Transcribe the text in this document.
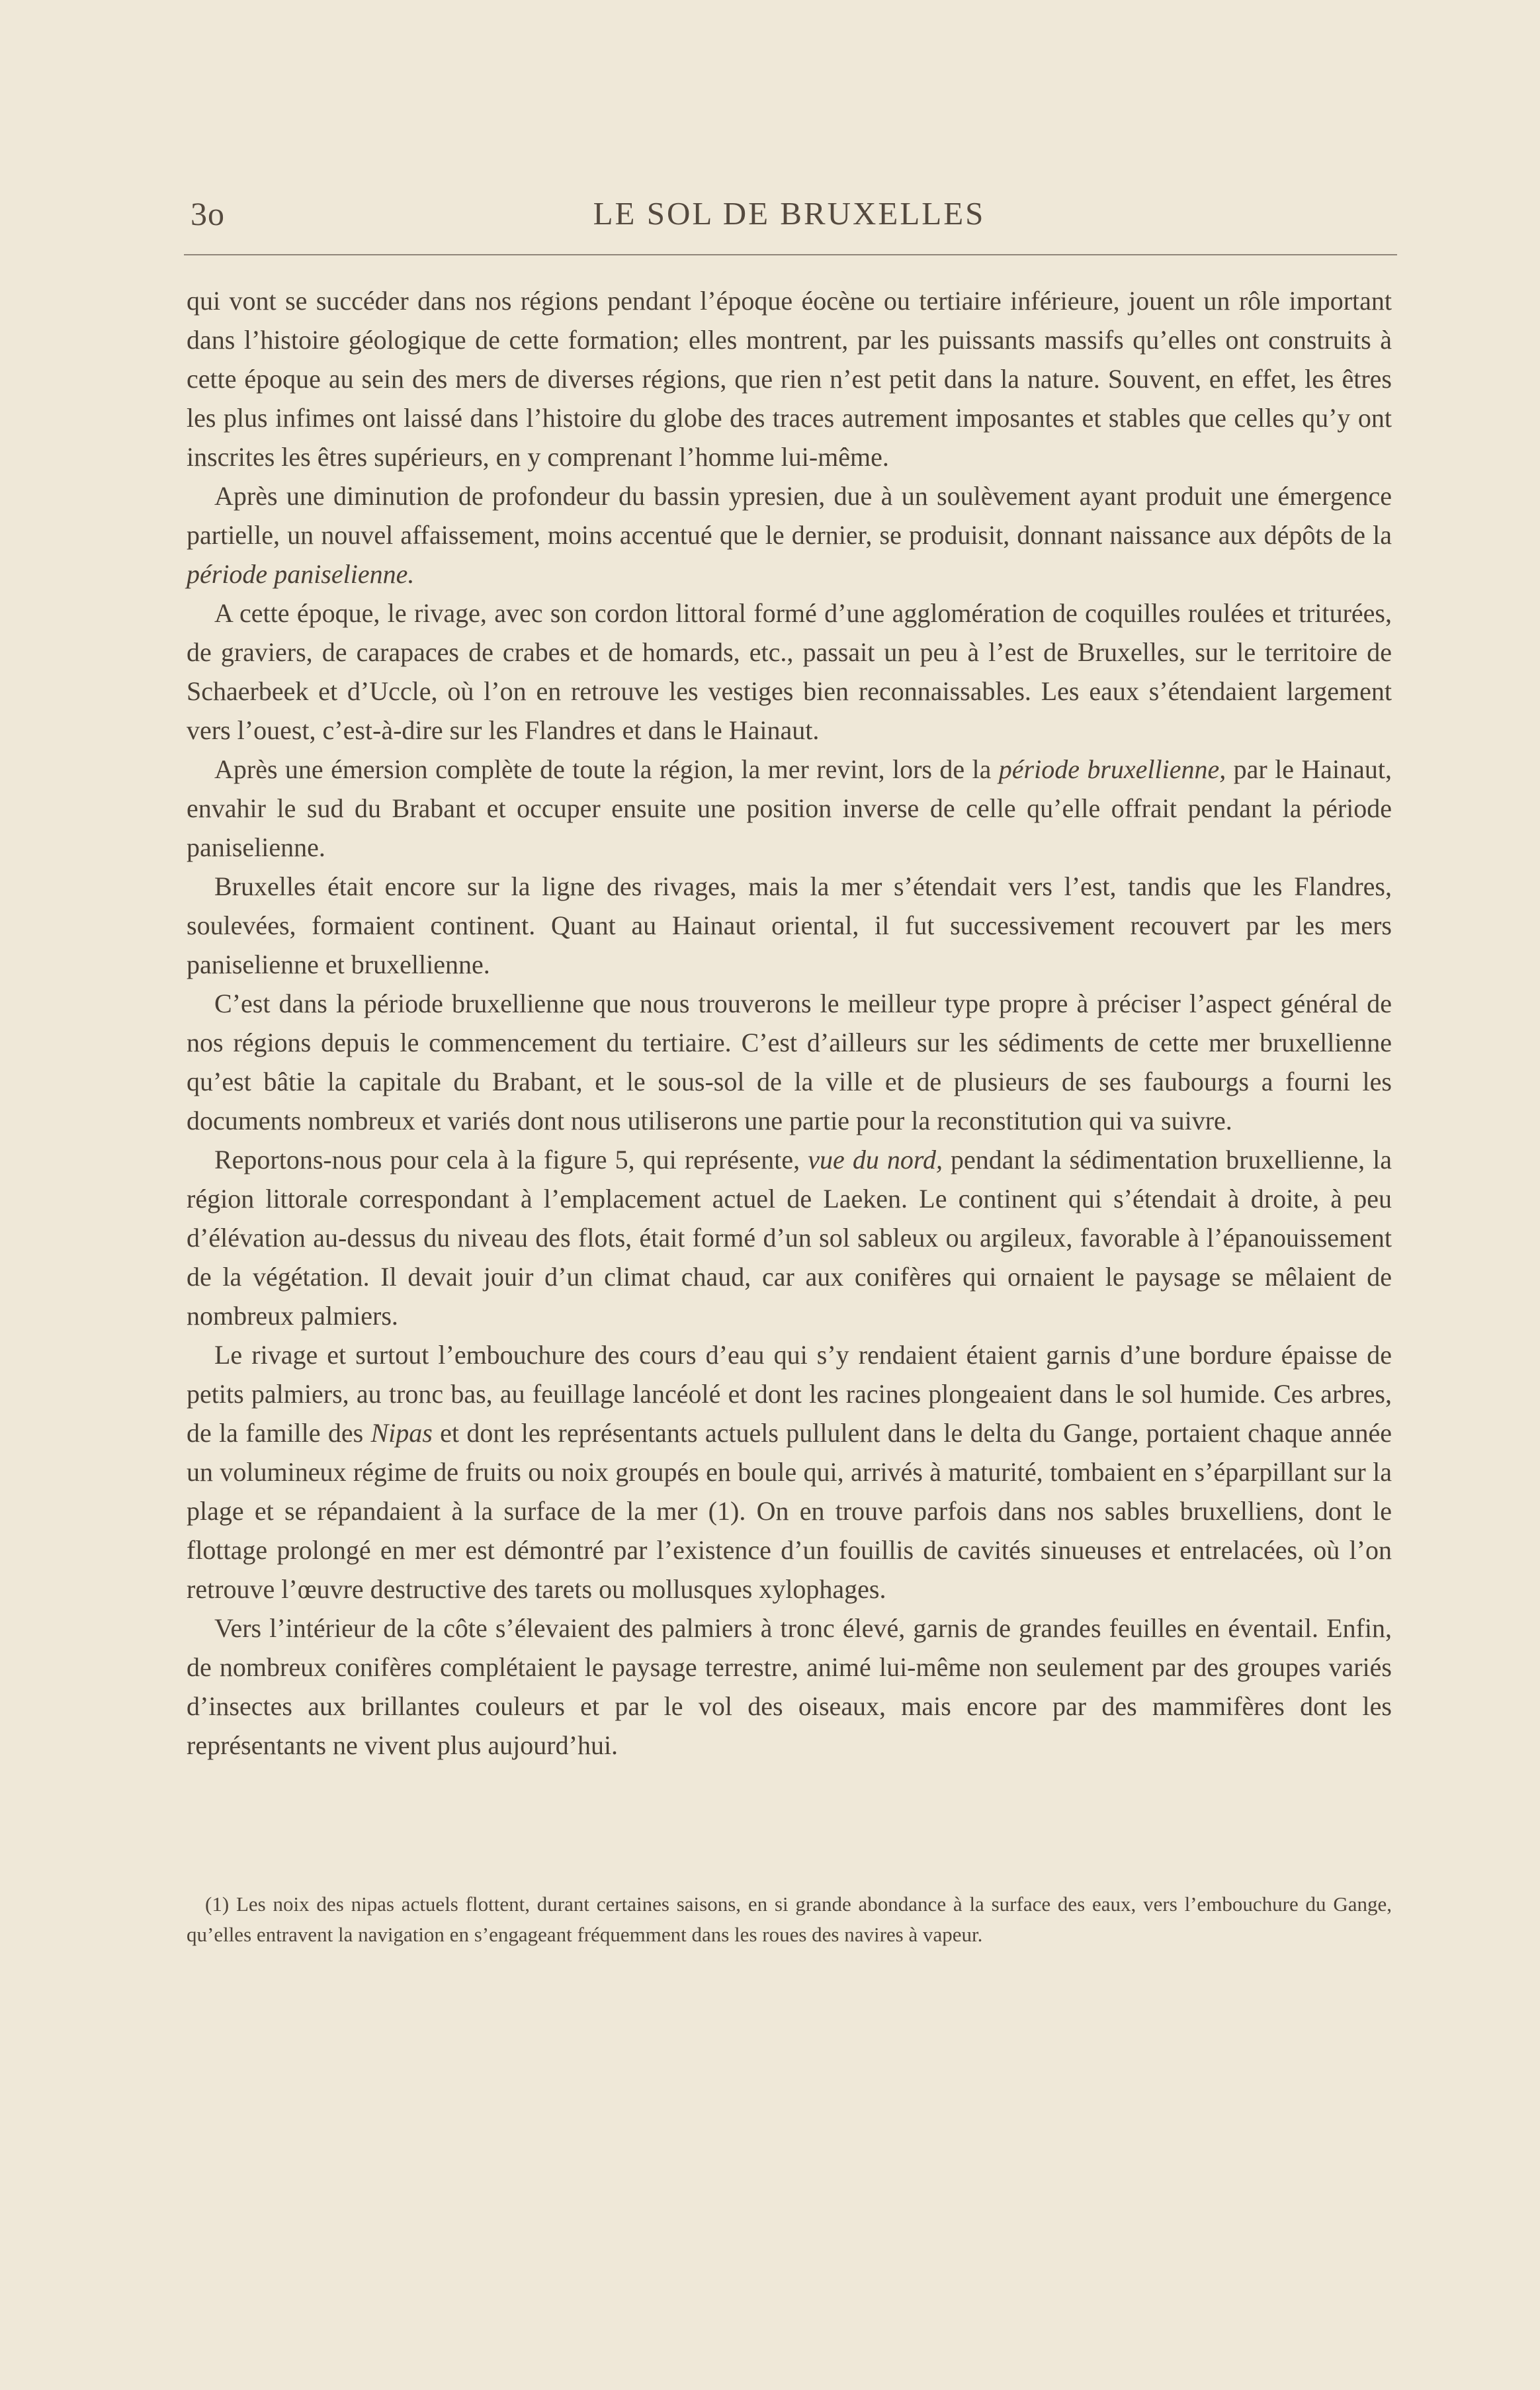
3o	LE SOL DE BRUXELLES

qui vont se succéder dans nos régions pendant l’époque éocène ou tertiaire inférieure, jouent un rôle important dans l’histoire géologique de cette formation; elles montrent, par les puissants massifs qu’elles ont construits à cette époque au sein des mers de diverses régions, que rien n’est petit dans la nature. Souvent, en effet, les êtres les plus infimes ont laissé dans l’histoire du globe des traces autrement imposantes et stables que celles qu’y ont inscrites les êtres supérieurs, en y comprenant l’homme lui-même.

Après une diminution de profondeur du bassin ypresien, due à un soulèvement ayant produit une émergence partielle, un nouvel affaissement, moins accentué que le dernier, se produisit, donnant naissance aux dépôts de la période paniselienne.

A cette époque, le rivage, avec son cordon littoral formé d’une agglomération de coquilles roulées et triturées, de graviers, de carapaces de crabes et de homards, etc., passait un peu à l’est de Bruxelles, sur le territoire de Schaerbeek et d’Uccle, où l’on en retrouve les vestiges bien reconnaissables. Les eaux s’étendaient largement vers l’ouest, c’est-à-dire sur les Flandres et dans le Hainaut.

Après une émersion complète de toute la région, la mer revint, lors de la période bruxellienne, par le Hainaut, envahir le sud du Brabant et occuper ensuite une position inverse de celle qu’elle offrait pendant la période paniselienne.

Bruxelles était encore sur la ligne des rivages, mais la mer s’étendait vers l’est, tandis que les Flandres, soulevées, formaient continent. Quant au Hainaut oriental, il fut successivement recouvert par les mers paniselienne et bruxellienne.

C’est dans la période bruxellienne que nous trouverons le meilleur type propre à préciser l’aspect général de nos régions depuis le commencement du tertiaire. C’est d’ailleurs sur les sédiments de cette mer bruxellienne qu’est bâtie la capitale du Brabant, et le sous-sol de la ville et de plusieurs de ses faubourgs a fourni les documents nombreux et variés dont nous utiliserons une partie pour la reconstitution qui va suivre.

Reportons-nous pour cela à la figure 5, qui représente, vue du nord, pendant la sédimentation bruxellienne, la région littorale correspondant à l’emplacement actuel de Laeken. Le continent qui s’étendait à droite, à peu d’élévation au-dessus du niveau des flots, était formé d’un sol sableux ou argileux, favorable à l’épanouissement de la végétation. Il devait jouir d’un climat chaud, car aux conifères qui ornaient le paysage se mêlaient de nombreux palmiers.

Le rivage et surtout l’embouchure des cours d’eau qui s’y rendaient étaient garnis d’une bordure épaisse de petits palmiers, au tronc bas, au feuillage lancéolé et dont les racines plongeaient dans le sol humide. Ces arbres, de la famille des Nipas et dont les représentants actuels pullulent dans le delta du Gange, portaient chaque année un volumineux régime de fruits ou noix groupés en boule qui, arrivés à maturité, tombaient en s’éparpillant sur la plage et se répandaient à la surface de la mer (1). On en trouve parfois dans nos sables bruxelliens, dont le flottage prolongé en mer est démontré par l’existence d’un fouillis de cavités sinueuses et entrelacées, où l’on retrouve l’œuvre destructive des tarets ou mollusques xylophages.

Vers l’intérieur de la côte s’élevaient des palmiers à tronc élevé, garnis de grandes feuilles en éventail. Enfin, de nombreux conifères complétaient le paysage terrestre, animé lui-même non seulement par des groupes variés d’insectes aux brillantes couleurs et par le vol des oiseaux, mais encore par des mammifères dont les représentants ne vivent plus aujourd’hui.

(1) Les noix des nipas actuels flottent, durant certaines saisons, en si grande abondance à la surface des eaux, vers l’embouchure du Gange, qu’elles entravent la navigation en s’engageant fréquemment dans les roues des navires à vapeur.
